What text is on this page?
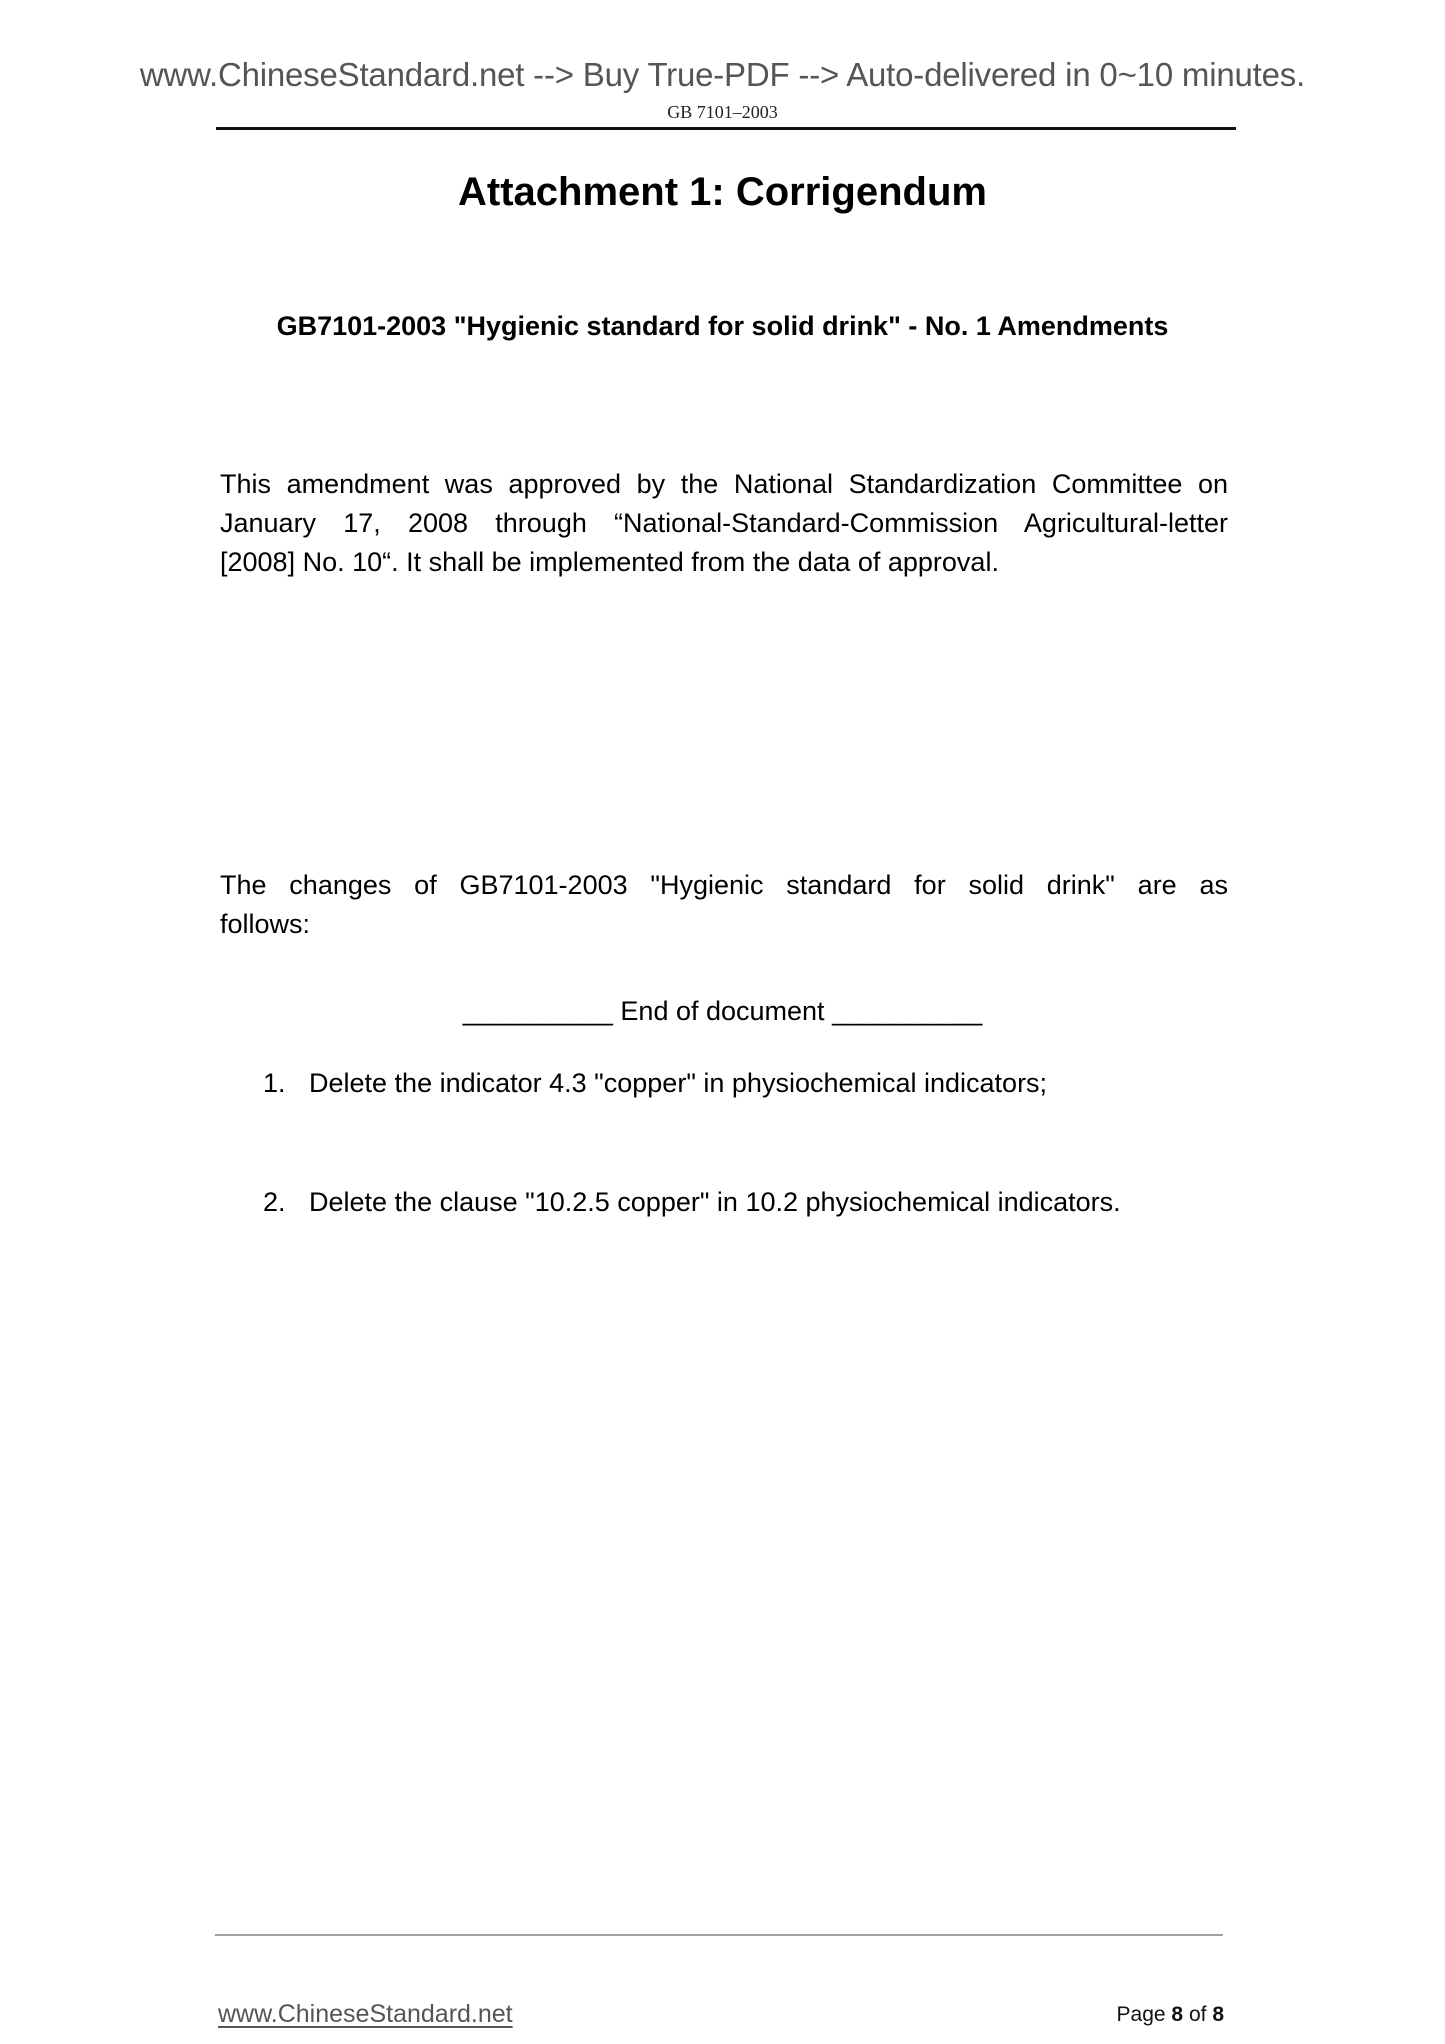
www.ChineseStandard.net --> Buy True-PDF --> Auto-delivered in 0~10 minutes.
GB 7101–2003
Attachment 1: Corrigendum
GB7101-2003 "Hygienic standard for solid drink" - No. 1 Amendments
This amendment was approved by the National Standardization Committee on
January 17, 2008 through “National-Standard-Commission Agricultural-letter
[2008] No. 10“. It shall be implemented from the data of approval.
The changes of GB7101-2003 "Hygienic standard for solid drink" are as
follows:
1. Delete the indicator 4.3 "copper" in physiochemical indicators;
2. Delete the clause "10.2.5 copper" in 10.2 physiochemical indicators.
__________ End of document __________
www.ChineseStandard.net	Page 8 of 8
